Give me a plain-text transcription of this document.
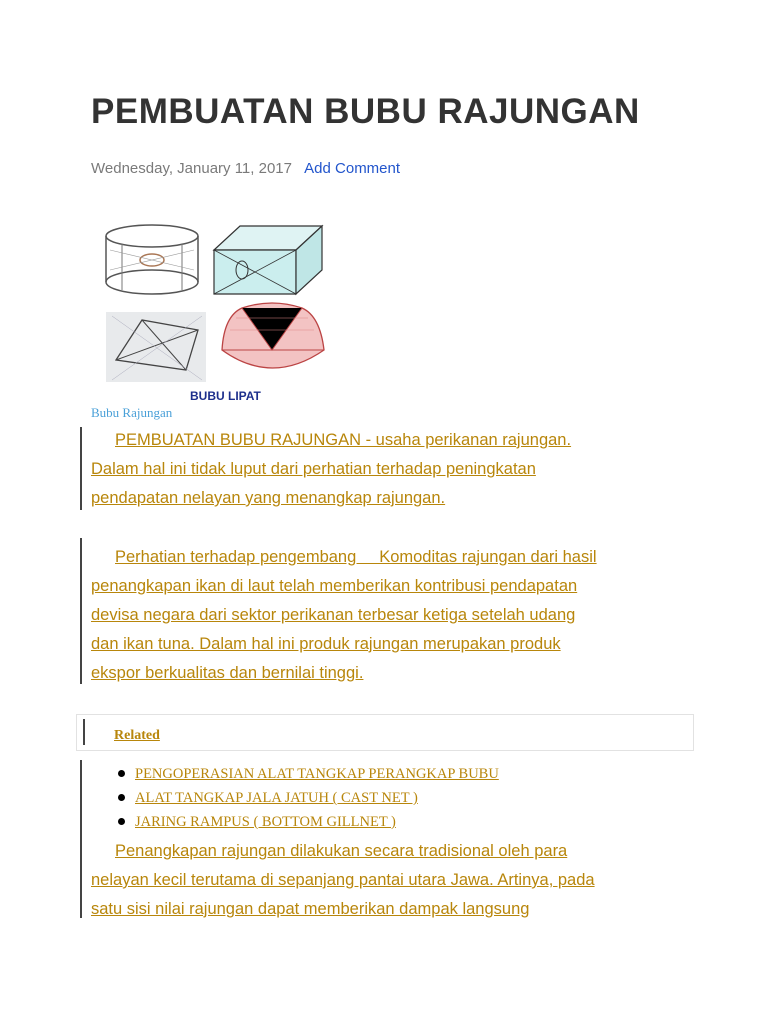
PEMBUATAN BUBU RAJUNGAN
Wednesday, January 11, 2017 Add Comment
BUBU LIPAT
Bubu Rajungan

PEMBUATAN BUBU RAJUNGAN - usaha perikanan rajungan.
Dalam hal ini tidak luput dari perhatian terhadap peningkatan
pendapatan nelayan yang menangkap rajungan.

Perhatian terhadap pengembang     Komoditas rajungan dari hasil
penangkapan ikan di laut telah memberikan kontribusi pendapatan
devisa negara dari sektor perikanan terbesar ketiga setelah udang
dan ikan tuna. Dalam hal ini produk rajungan merupakan produk
ekspor berkualitas dan bernilai tinggi.

Related
PENGOPERASIAN ALAT TANGKAP PERANGKAP BUBU
ALAT TANGKAP JALA JATUH ( CAST NET )
JARING RAMPUS ( BOTTOM GILLNET )

Penangkapan rajungan dilakukan secara tradisional oleh para
nelayan kecil terutama di sepanjang pantai utara Jawa. Artinya, pada
satu sisi nilai rajungan dapat memberikan dampak langsung
